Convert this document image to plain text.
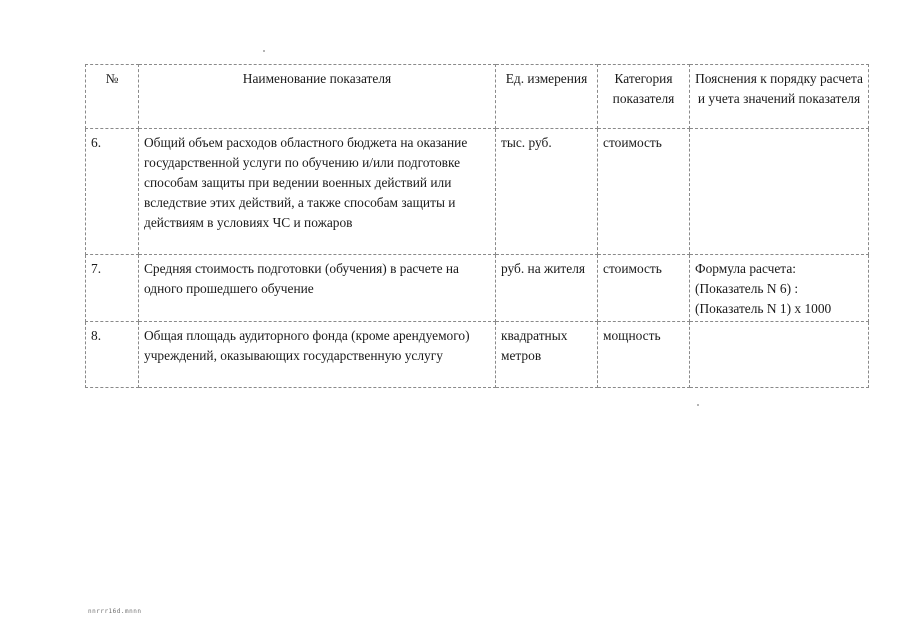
№	Наименование показателя	Ед. измерения	Категория показателя	Пояснения к порядку расчета и учета значений показателя
6.	Общий объем расходов областного бюджета на оказание государственной услуги по обучению и/или подготовке способам защиты при ведении военных действий или вследствие этих действий, а также способам защиты и действиям в условиях ЧС и пожаров	тыс. руб.	стоимость	
7.	Средняя стоимость подготовки (обучения) в расчете на одного прошедшего обучение	руб. на жителя	стоимость	Формула расчета: (Показатель N 6) : (Показатель N 1) x 1000
8.	Общая площадь аудиторного фонда (кроме арендуемого) учреждений, оказывающих государственную услугу	квадратных метров	мощность	
nnrrr16d.mnnn
